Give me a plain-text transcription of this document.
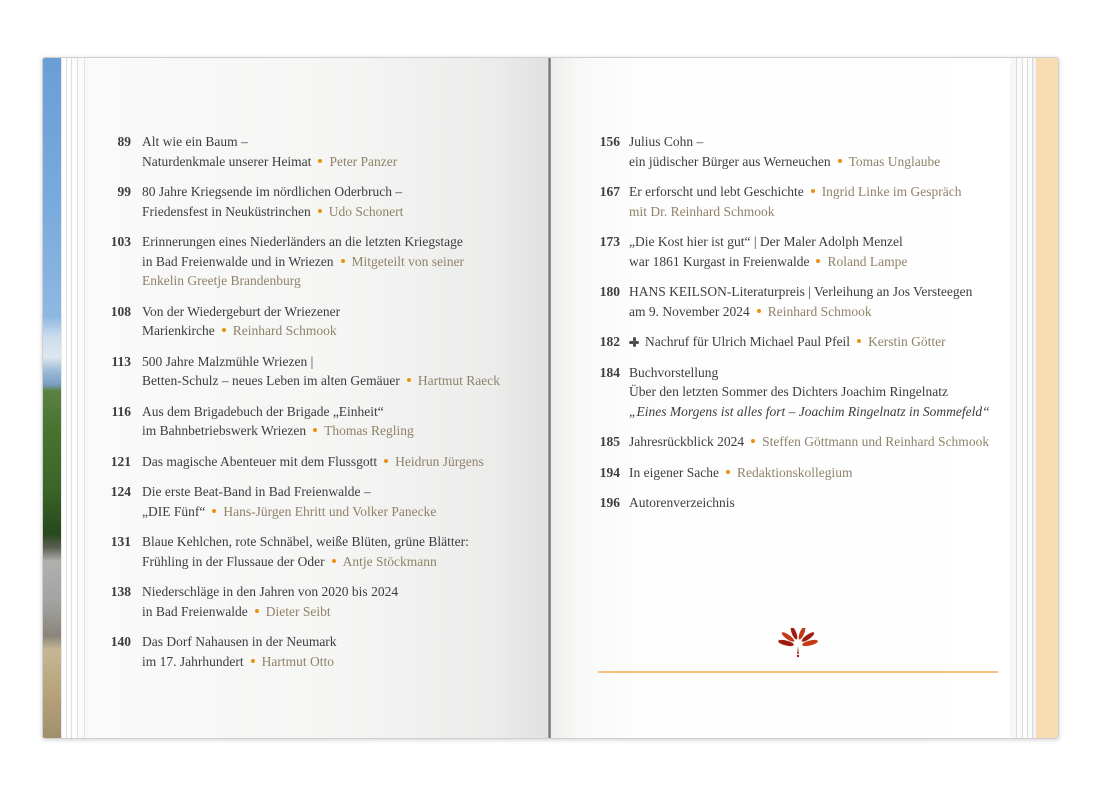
89 Alt wie ein Baum –
Naturdenkmale unserer Heimat Peter Panzer
99 80 Jahre Kriegsende im nördlichen Oderbruch –
Friedensfest in Neuküstrinchen Udo Schonert
103 Erinnerungen eines Niederländers an die letzten Kriegstage
in Bad Freienwalde und in Wriezen Mitgeteilt von seiner
Enkelin Greetje Brandenburg
108 Von der Wiedergeburt der Wriezener
Marienkirche Reinhard Schmook
113 500 Jahre Malzmühle Wriezen |
Betten-Schulz – neues Leben im alten Gemäuer Hartmut Raeck
116 Aus dem Brigadebuch der Brigade „Einheit“
im Bahnbetriebswerk Wriezen Thomas Regling
121 Das magische Abenteuer mit dem Flussgott Heidrun Jürgens
124 Die erste Beat-Band in Bad Freienwalde –
„DIE Fünf“ Hans-Jürgen Ehritt und Volker Panecke
131 Blaue Kehlchen, rote Schnäbel, weiße Blüten, grüne Blätter:
Frühling in der Flussaue der Oder Antje Stöckmann
138 Niederschläge in den Jahren von 2020 bis 2024
in Bad Freienwalde Dieter Seibt
140 Das Dorf Nahausen in der Neumark
im 17. Jahrhundert Hartmut Otto
156 Julius Cohn –
ein jüdischer Bürger aus Werneuchen Tomas Unglaube
167 Er erforscht und lebt Geschichte Ingrid Linke im Gespräch
mit Dr. Reinhard Schmook
173 „Die Kost hier ist gut“ | Der Maler Adolph Menzel
war 1861 Kurgast in Freienwalde Roland Lampe
180 HANS KEILSON-Literaturpreis | Verleihung an Jos Versteegen
am 9. November 2024 Reinhard Schmook
182	Nachruf für Ulrich Michael Paul Pfeil Kerstin Götter
184 Buchvorstellung
Über den letzten Sommer des Dichters Joachim Ringelnatz
„Eines Morgens ist alles fort – Joachim Ringelnatz in Sommefeld“
185 Jahresrückblick 2024 Steffen Göttmann und Reinhard Schmook
194 In eigener Sache Redaktionskollegium
196 Autorenverzeichnis
